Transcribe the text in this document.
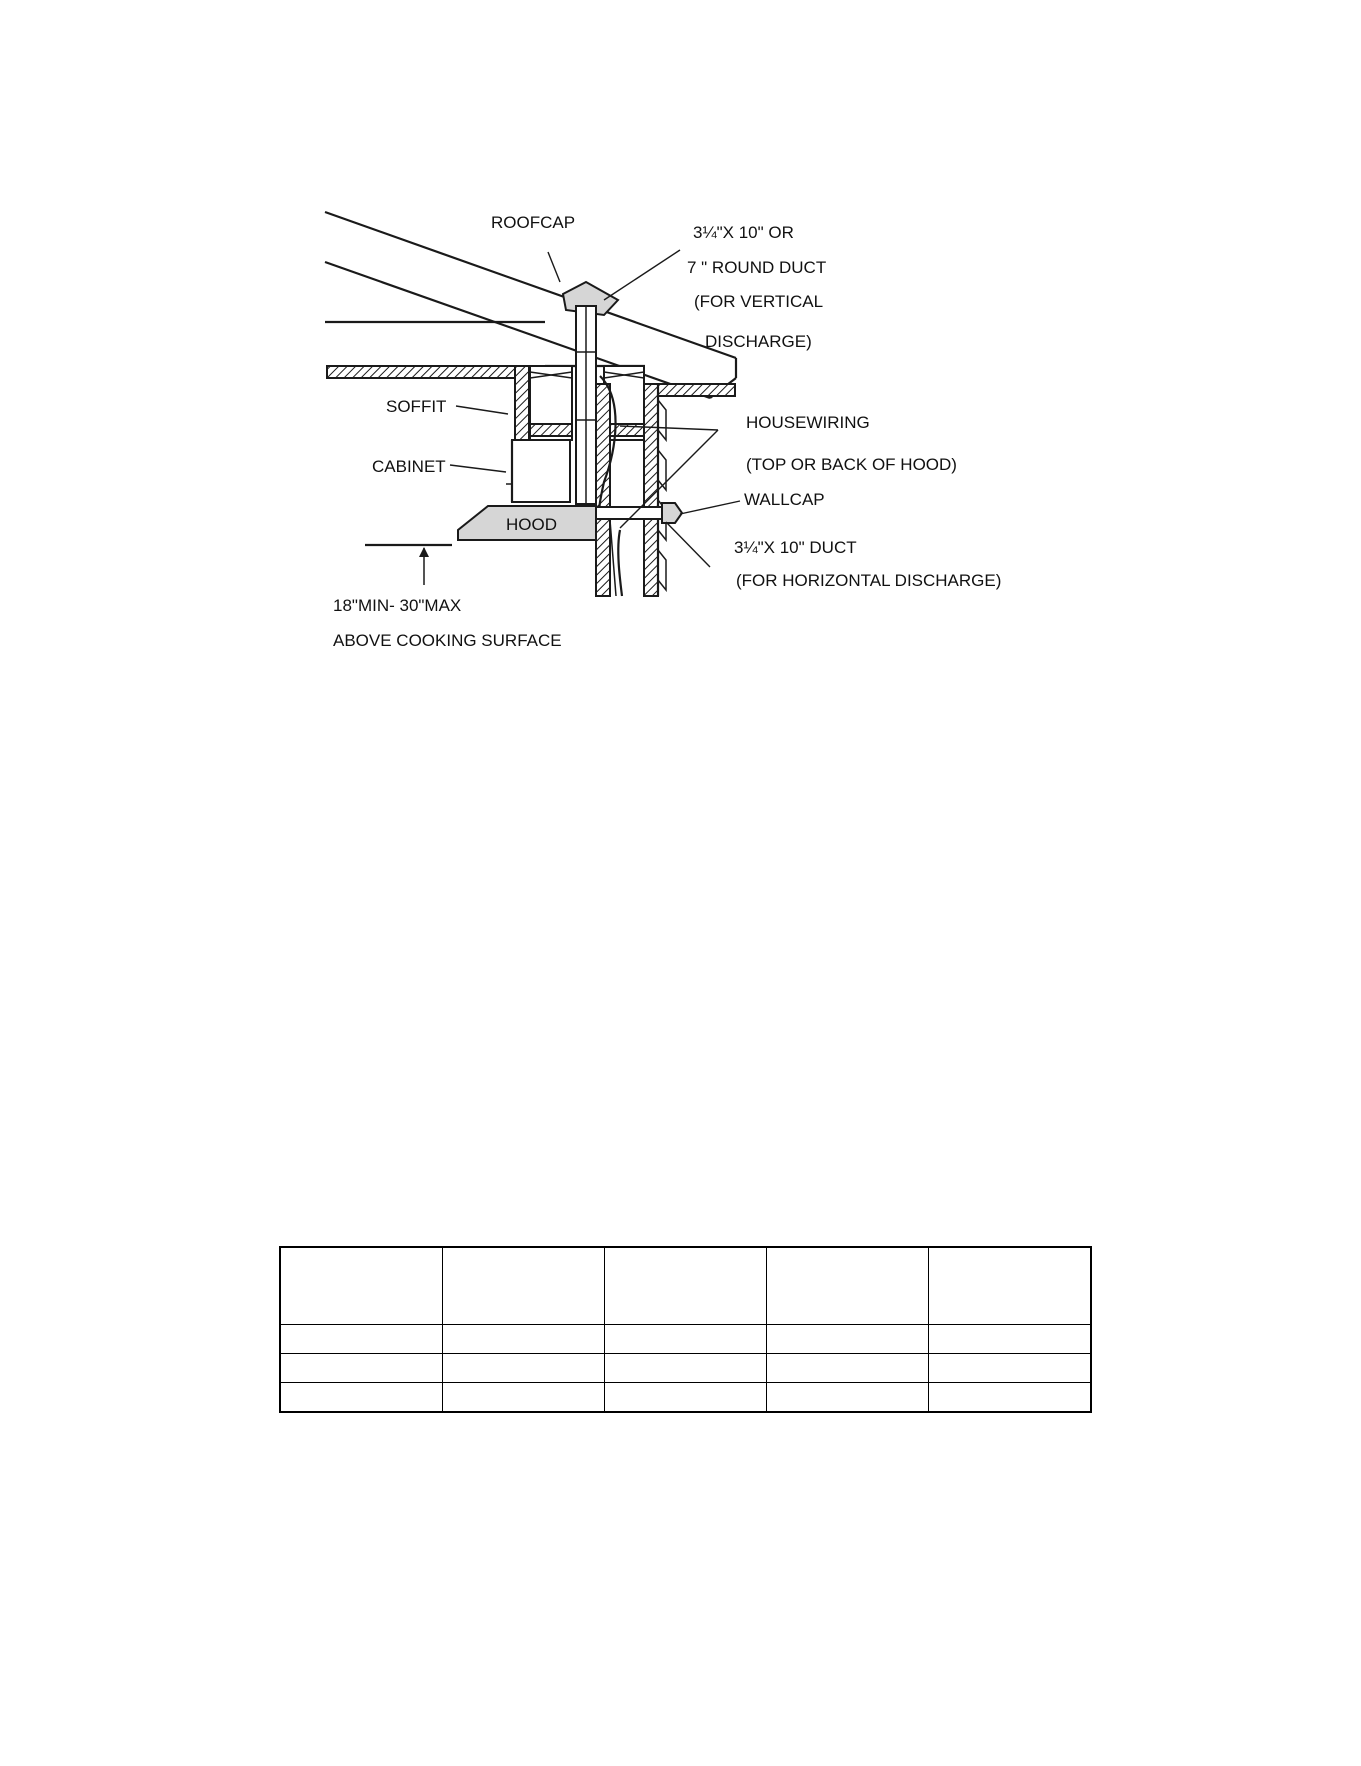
HOOD
ROOFCAP
3¼"X 10" OR
7 " ROUND DUCT
(FOR VERTICAL
DISCHARGE)
SOFFIT
CABINET
HOUSEWIRING
(TOP OR BACK OF HOOD)
WALLCAP
3¼"X 10" DUCT
(FOR HORIZONTAL DISCHARGE)
18"MIN- 30"MAX
ABOVE COOKING SURFACE
